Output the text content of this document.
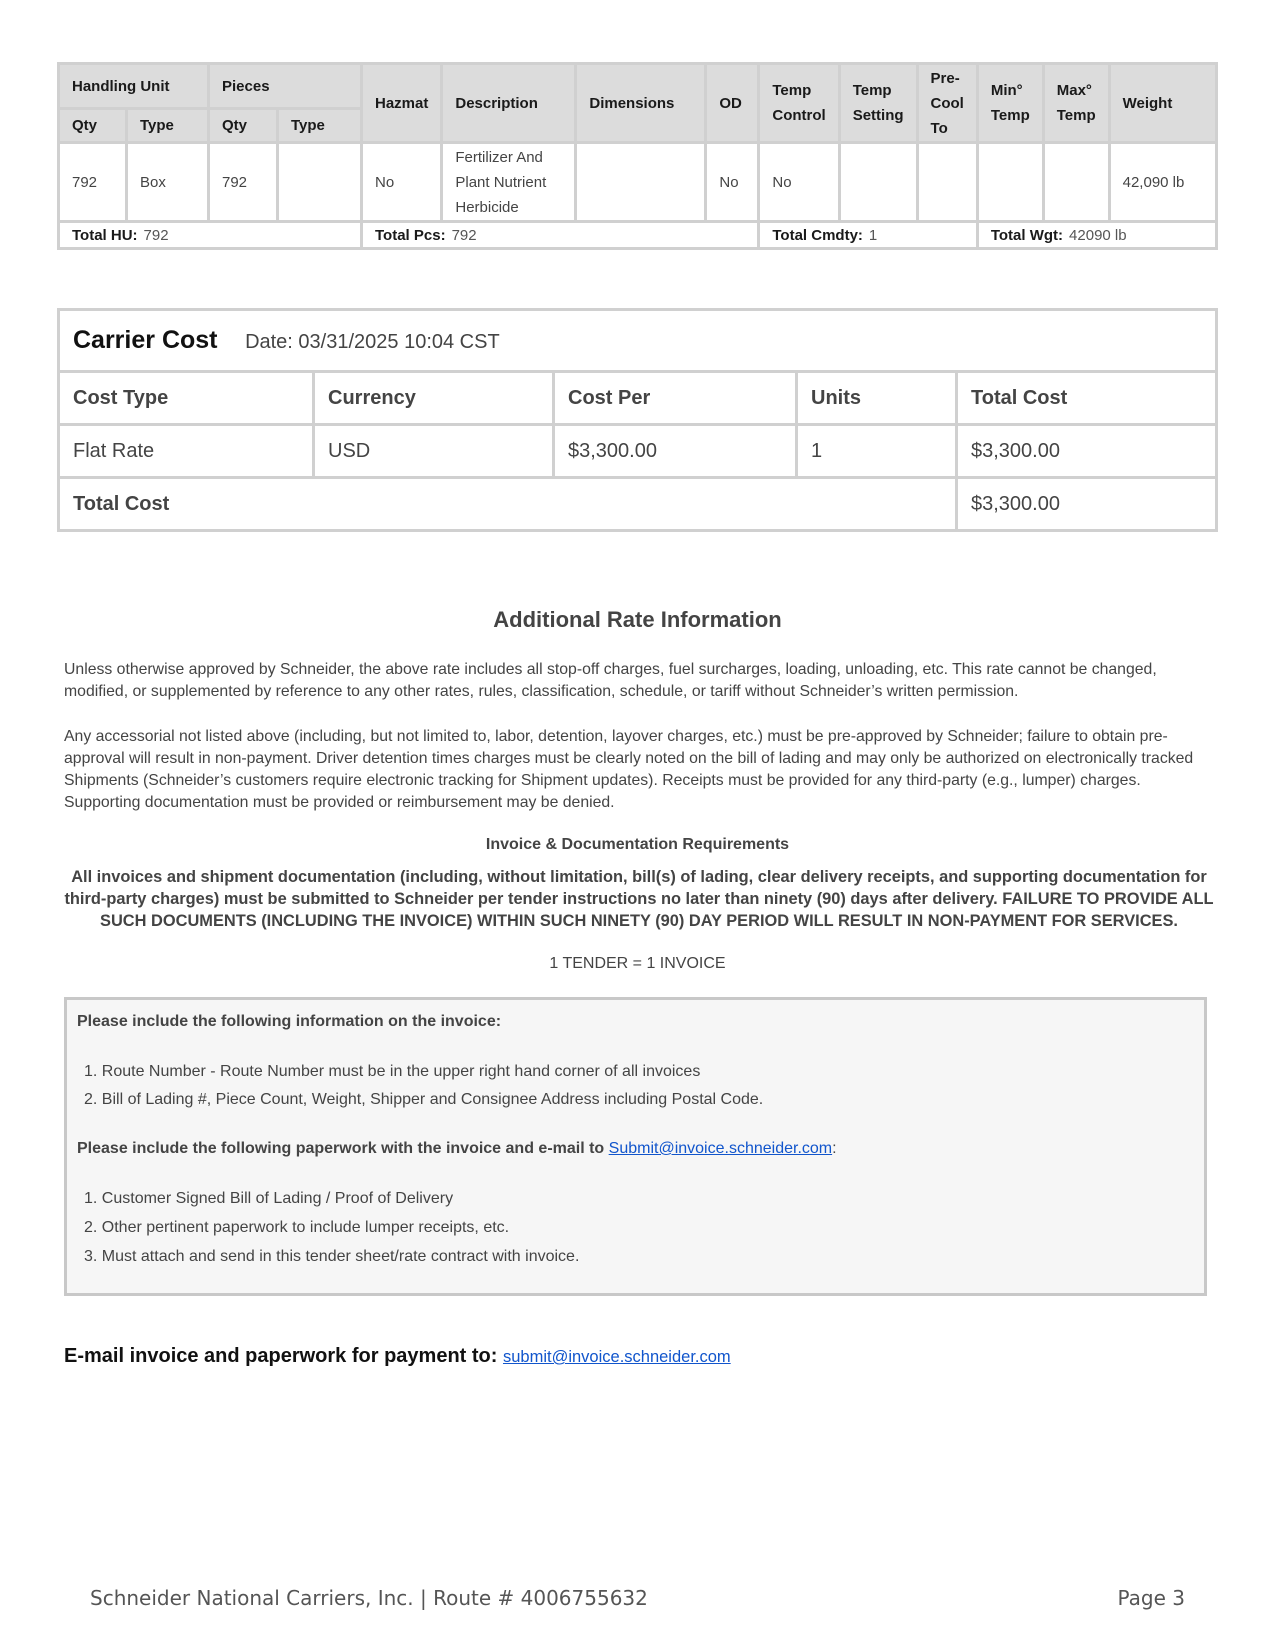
Handling Unit		Pieces		Hazmat	Description	Dimensions	OD	Temp Control	Temp Setting	Pre-Cool To	Min° Temp	Max° Temp	Weight
Qty	Type	Qty	Type										
792	Box	792		No	Fertilizer And Plant Nutrient Herbicide		No	No					42,090 lb
Total HU: 792				Total Pcs: 792				Total Cmdty: 1			Total Wgt: 42090 lb		
Carrier Cost Date: 03/31/2025 10:04 CST				
Cost Type	Currency	Cost Per	Units	Total Cost
Flat Rate	USD	$3,300.00	1	$3,300.00
Total Cost				$3,300.00
Additional Rate Information
Unless otherwise approved by Schneider, the above rate includes all stop-off charges, fuel surcharges, loading, unloading, etc. This rate cannot be changed, modified, or supplemented by reference to any other rates, rules, classification, schedule, or tariff without Schneider’s written permission.
Any accessorial not listed above (including, but not limited to, labor, detention, layover charges, etc.) must be pre-approved by Schneider; failure to obtain pre-approval will result in non-payment. Driver detention times charges must be clearly noted on the bill of lading and may only be authorized on electronically tracked Shipments (Schneider’s customers require electronic tracking for Shipment updates). Receipts must be provided for any third-party (e.g., lumper) charges. Supporting documentation must be provided or reimbursement may be denied.
Invoice & Documentation Requirements
All invoices and shipment documentation (including, without limitation, bill(s) of lading, clear delivery receipts, and supporting documentation for third-party charges) must be submitted to Schneider per tender instructions no later than ninety (90) days after delivery. FAILURE TO PROVIDE ALL SUCH DOCUMENTS (INCLUDING THE INVOICE) WITHIN SUCH NINETY (90) DAY PERIOD WILL RESULT IN NON-PAYMENT FOR SERVICES.
1 TENDER = 1 INVOICE
Please include the following information on the invoice:
1. Route Number - Route Number must be in the upper right hand corner of all invoices
2. Bill of Lading #, Piece Count, Weight, Shipper and Consignee Address including Postal Code.
Please include the following paperwork with the invoice and e-mail to Submit@invoice.schneider.com:
1. Customer Signed Bill of Lading / Proof of Delivery
2. Other pertinent paperwork to include lumper receipts, etc.
3. Must attach and send in this tender sheet/rate contract with invoice.
E-mail invoice and paperwork for payment to: submit@invoice.schneider.com
Schneider National Carriers, Inc. | Route # 4006755632	Page 3
